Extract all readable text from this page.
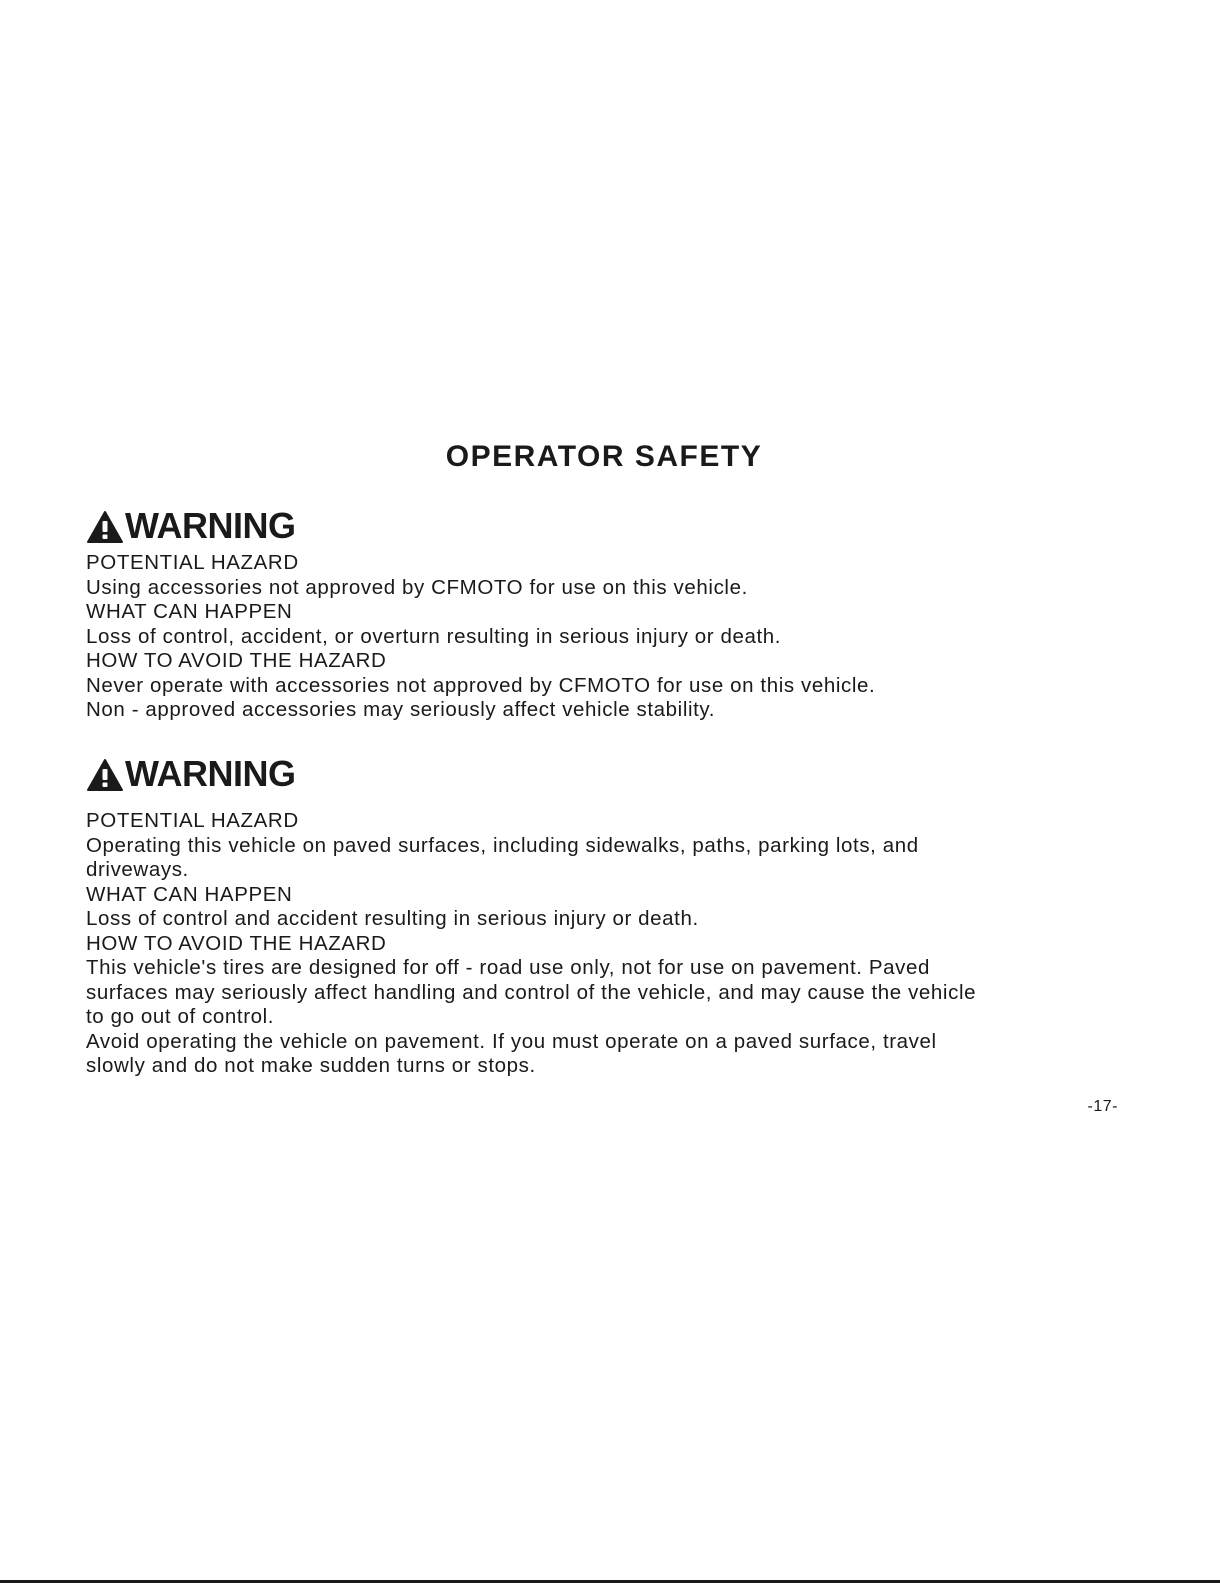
OPERATOR SAFETY
WARNING
POTENTIAL HAZARD
Using accessories not approved by CFMOTO for use on this vehicle.
WHAT CAN HAPPEN
Loss of control, accident, or overturn resulting in serious injury or death.
HOW TO AVOID THE HAZARD
Never operate with accessories not approved by CFMOTO for use on this vehicle.
Non - approved accessories may seriously affect vehicle stability.
WARNING
POTENTIAL HAZARD
Operating this vehicle on paved surfaces, including sidewalks, paths, parking lots, and driveways.
WHAT CAN HAPPEN
Loss of control and accident resulting in serious injury or death.
HOW TO AVOID THE HAZARD
This vehicle's tires are designed for off - road use only, not for use on pavement. Paved surfaces may seriously affect handling and control of the vehicle, and may cause the vehicle to go out of control.
Avoid operating the vehicle on pavement. If you must operate on a paved surface, travel slowly and do not make sudden turns or stops.
-17-
